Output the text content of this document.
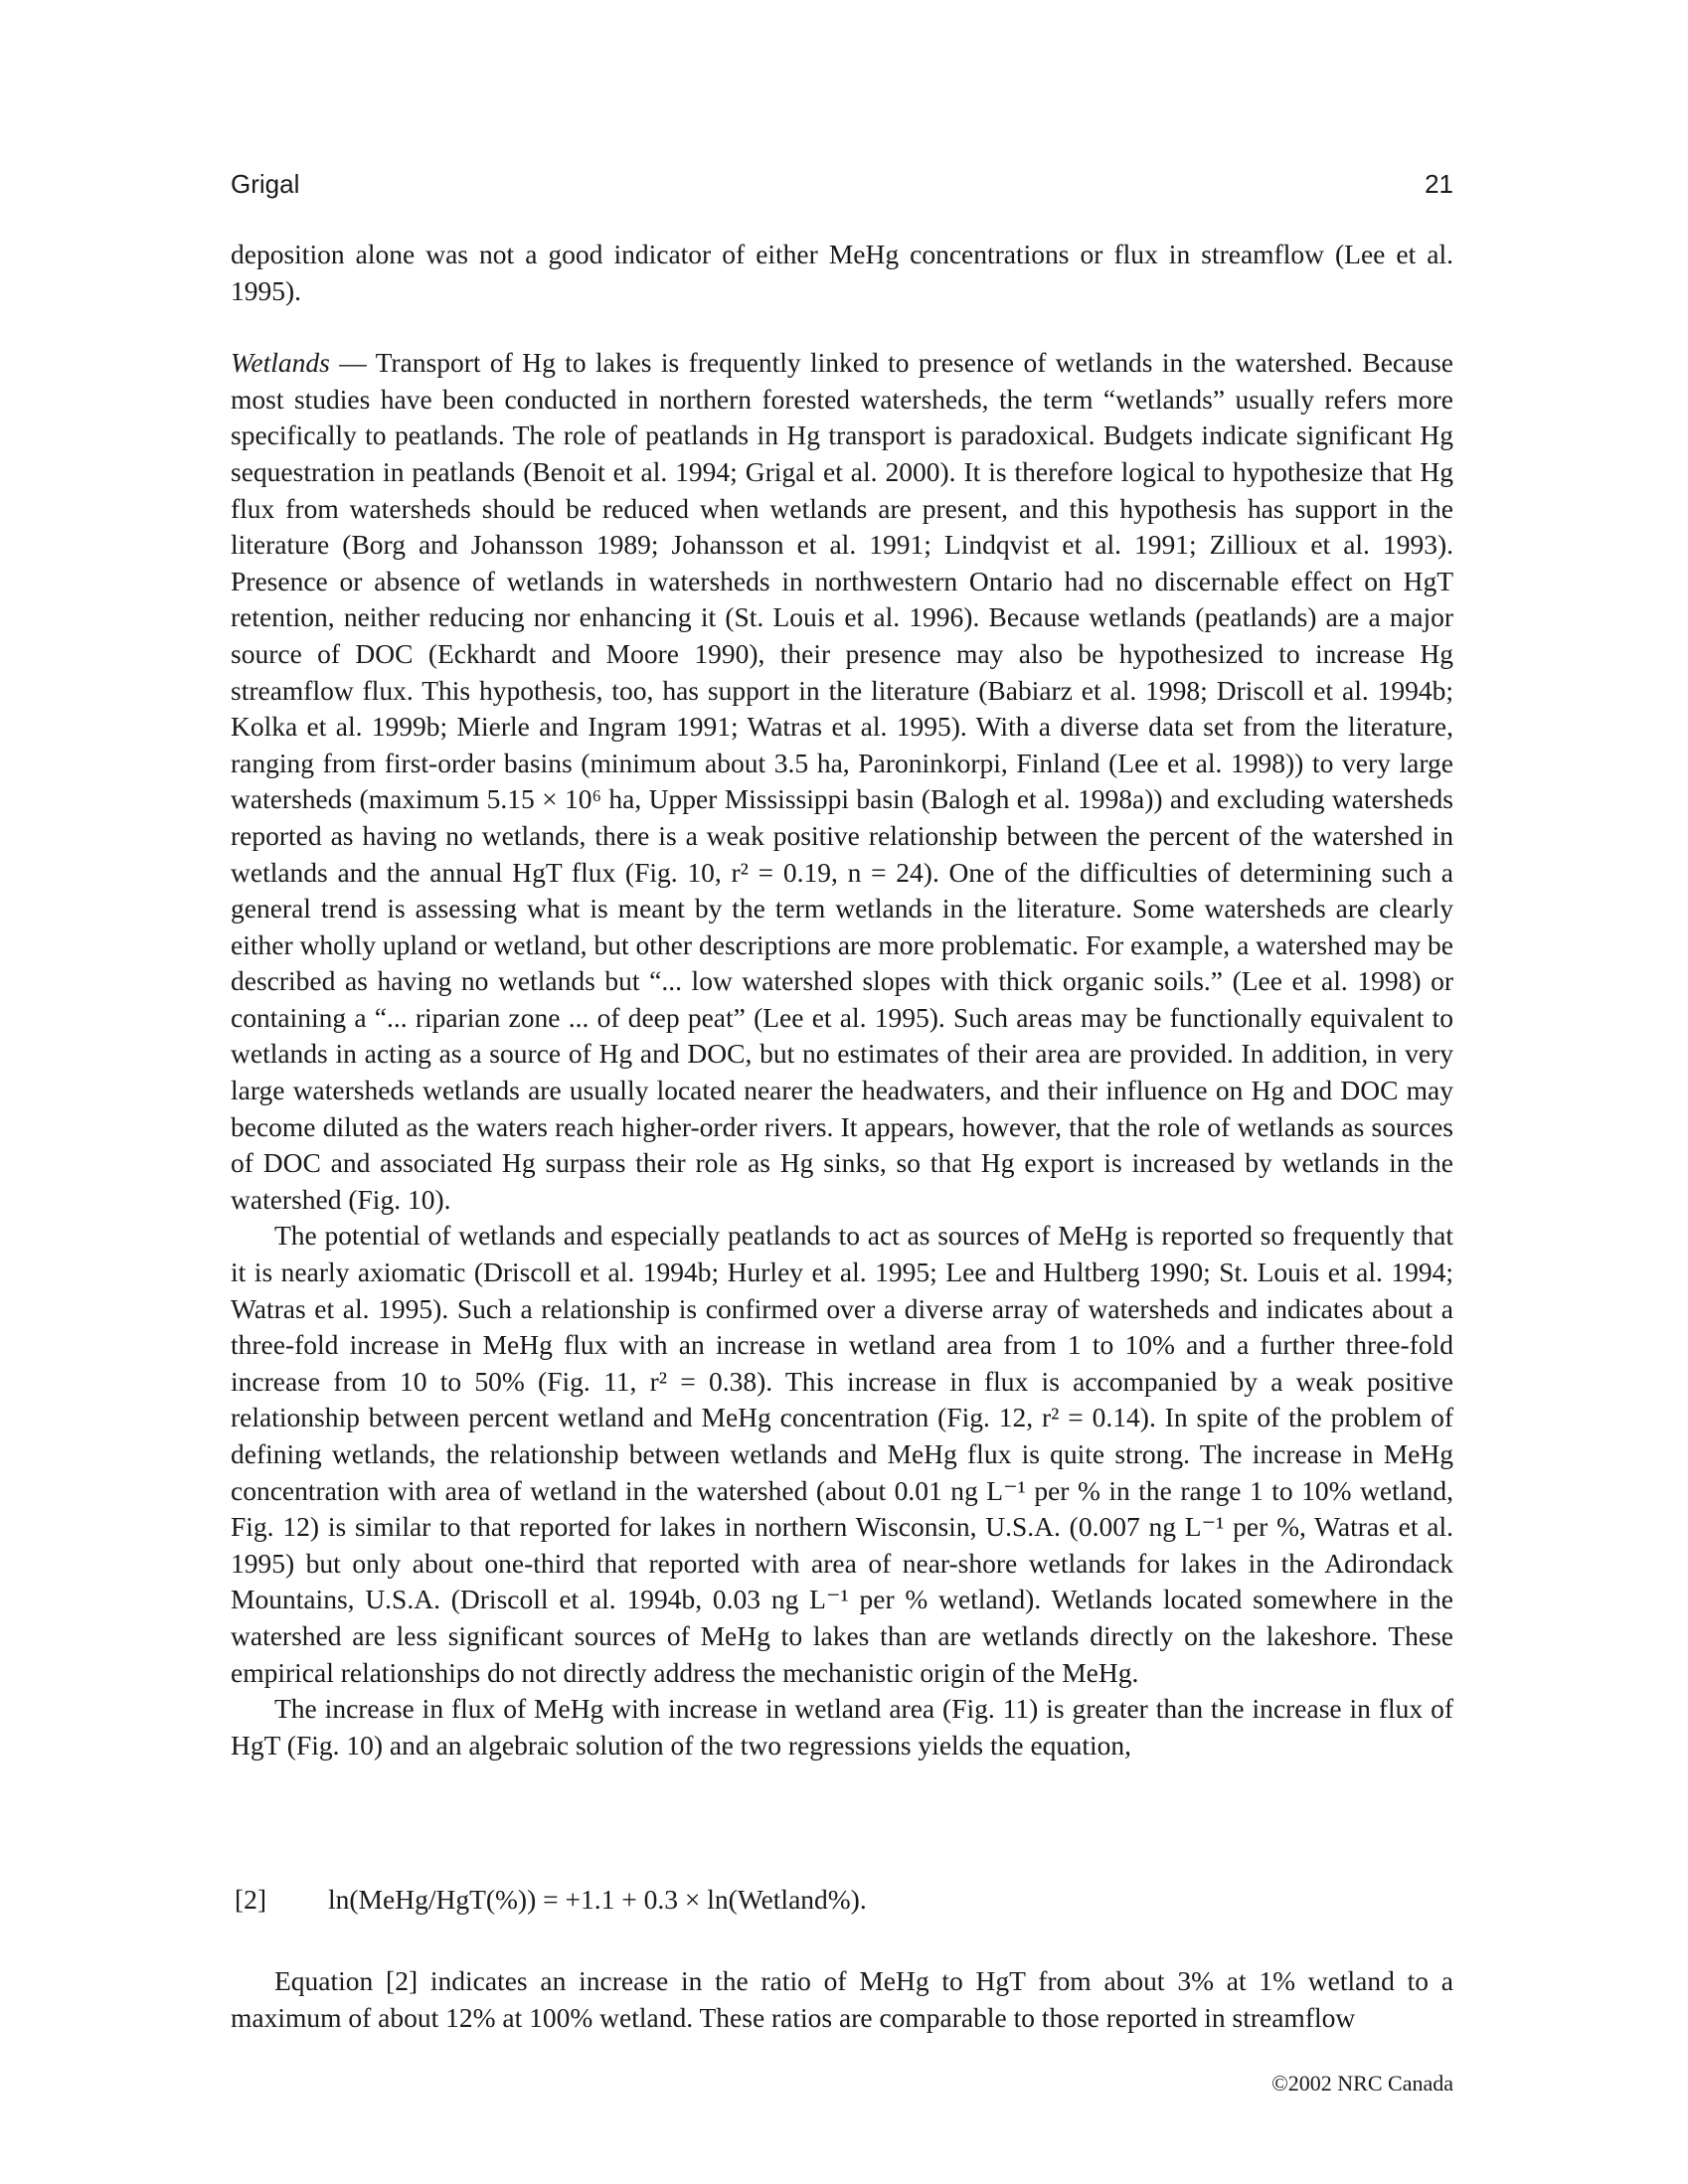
Grigal	21

deposition alone was not a good indicator of either MeHg concentrations or flux in streamflow (Lee et al. 1995).

Wetlands — Transport of Hg to lakes is frequently linked to presence of wetlands in the watershed. Because most studies have been conducted in northern forested watersheds, the term “wetlands” usually refers more specifically to peatlands. The role of peatlands in Hg transport is paradoxical. Budgets indicate significant Hg sequestration in peatlands (Benoit et al. 1994; Grigal et al. 2000). It is therefore logical to hypothesize that Hg flux from watersheds should be reduced when wetlands are present, and this hypothesis has support in the literature (Borg and Johansson 1989; Johansson et al. 1991; Lindqvist et al. 1991; Zillioux et al. 1993). Presence or absence of wetlands in watersheds in northwestern Ontario had no discernable effect on HgT retention, neither reducing nor enhancing it (St. Louis et al. 1996). Because wetlands (peatlands) are a major source of DOC (Eckhardt and Moore 1990), their presence may also be hypothesized to increase Hg streamflow flux. This hypothesis, too, has support in the literature (Babiarz et al. 1998; Driscoll et al. 1994b; Kolka et al. 1999b; Mierle and Ingram 1991; Watras et al. 1995). With a diverse data set from the literature, ranging from first-order basins (minimum about 3.5 ha, Paroninkorpi, Finland (Lee et al. 1998)) to very large watersheds (maximum 5.15 × 10⁶ ha, Upper Mississippi basin (Balogh et al. 1998a)) and excluding watersheds reported as having no wetlands, there is a weak positive relationship between the percent of the watershed in wetlands and the annual HgT flux (Fig. 10, r² = 0.19, n = 24). One of the difficulties of determining such a general trend is assessing what is meant by the term wetlands in the literature. Some watersheds are clearly either wholly upland or wetland, but other descriptions are more problematic. For example, a watershed may be described as having no wetlands but “... low watershed slopes with thick organic soils.” (Lee et al. 1998) or containing a “... riparian zone ... of deep peat” (Lee et al. 1995). Such areas may be functionally equivalent to wetlands in acting as a source of Hg and DOC, but no estimates of their area are provided. In addition, in very large watersheds wetlands are usually located nearer the headwaters, and their influence on Hg and DOC may become diluted as the waters reach higher-order rivers. It appears, however, that the role of wetlands as sources of DOC and associated Hg surpass their role as Hg sinks, so that Hg export is increased by wetlands in the watershed (Fig. 10).

The potential of wetlands and especially peatlands to act as sources of MeHg is reported so frequently that it is nearly axiomatic (Driscoll et al. 1994b; Hurley et al. 1995; Lee and Hultberg 1990; St. Louis et al. 1994; Watras et al. 1995). Such a relationship is confirmed over a diverse array of watersheds and indicates about a three-fold increase in MeHg flux with an increase in wetland area from 1 to 10% and a further three-fold increase from 10 to 50% (Fig. 11, r² = 0.38). This increase in flux is accompanied by a weak positive relationship between percent wetland and MeHg concentration (Fig. 12, r² = 0.14). In spite of the problem of defining wetlands, the relationship between wetlands and MeHg flux is quite strong. The increase in MeHg concentration with area of wetland in the watershed (about 0.01 ng L⁻¹ per % in the range 1 to 10% wetland, Fig. 12) is similar to that reported for lakes in northern Wisconsin, U.S.A. (0.007 ng L⁻¹ per %, Watras et al. 1995) but only about one-third that reported with area of near-shore wetlands for lakes in the Adirondack Mountains, U.S.A. (Driscoll et al. 1994b, 0.03 ng L⁻¹ per % wetland). Wetlands located somewhere in the watershed are less significant sources of MeHg to lakes than are wetlands directly on the lakeshore. These empirical relationships do not directly address the mechanistic origin of the MeHg.

The increase in flux of MeHg with increase in wetland area (Fig. 11) is greater than the increase in flux of HgT (Fig. 10) and an algebraic solution of the two regressions yields the equation,

[2] ln(MeHg/HgT(%)) = +1.1 + 0.3 × ln(Wetland%).

Equation [2] indicates an increase in the ratio of MeHg to HgT from about 3% at 1% wetland to a maximum of about 12% at 100% wetland. These ratios are comparable to those reported in streamflow

©2002 NRC Canada
